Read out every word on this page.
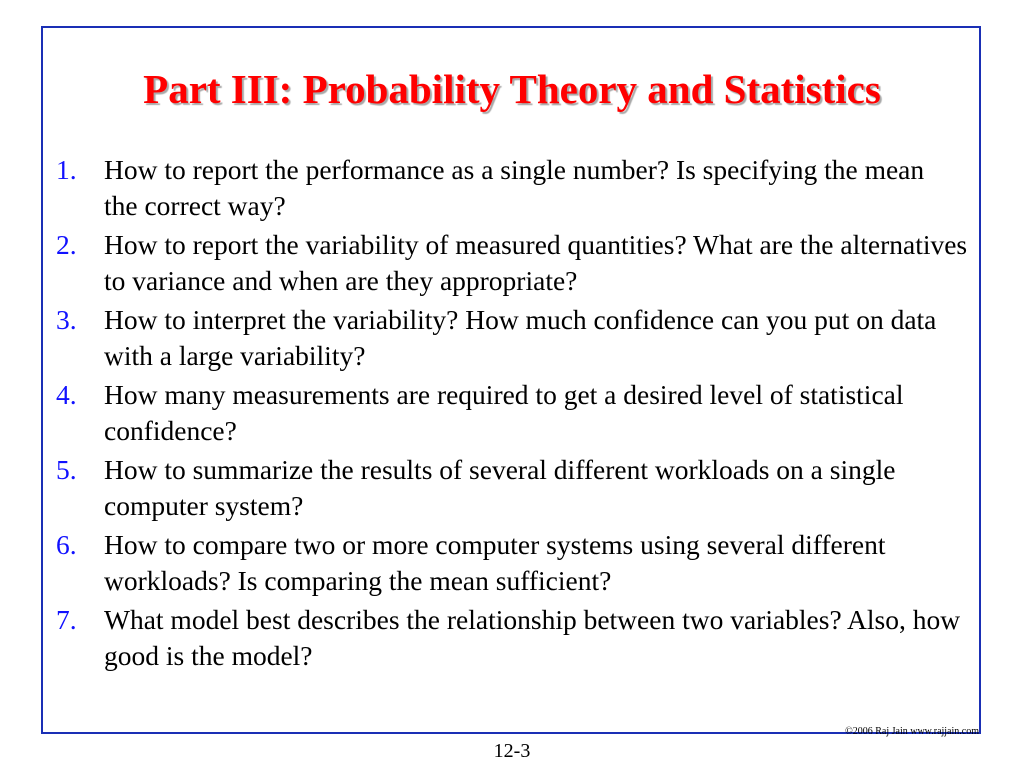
Part III: Probability Theory and Statistics
1. How to report the performance as a single number? Is specifying the mean  the correct way?
2. How to report the variability of measured quantities? What are the alternatives to variance and when are they appropriate?
3. How to interpret the variability? How much confidence can you put on data with a large variability?
4. How many measurements are required to get a desired level of statistical confidence?
5. How to summarize the results of several different workloads on a single computer system?
6. How to compare two or more computer systems using several different workloads? Is comparing the mean sufficient?
7. What model best describes the relationship between two variables? Also, how good is the model?
©2006 Raj Jain www.rajjain.com
12-3
